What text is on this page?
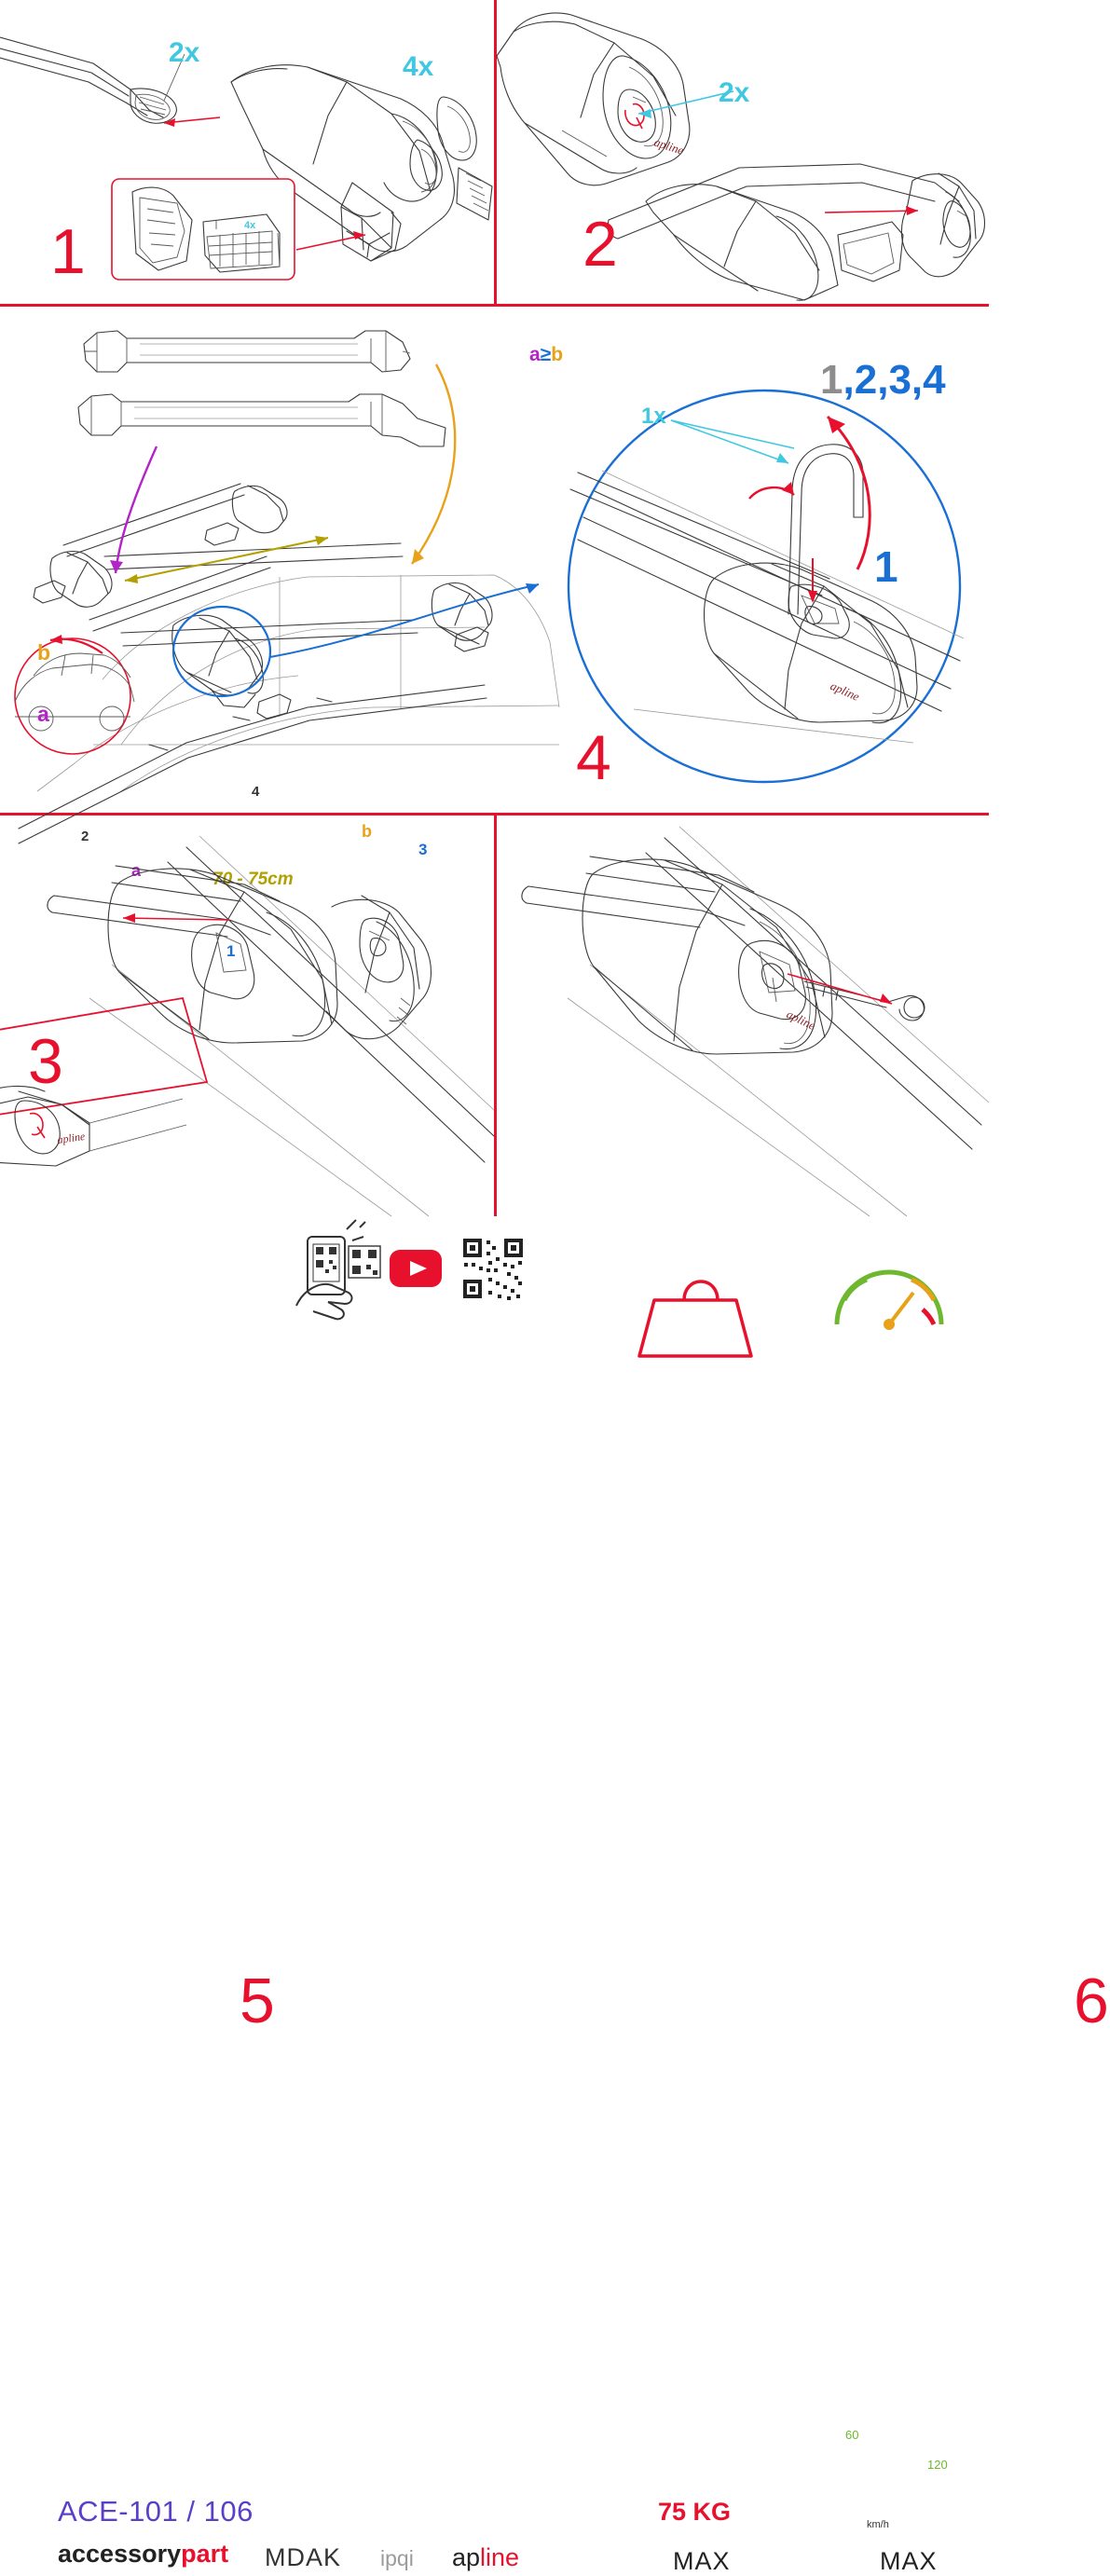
4x
2x	4x
1
apline
2x
2
b
a
a
b
70 - 75cm
1
2
3
4
3
apline
a≥b
1x
1,2,3,4
1
4
apline
5
apline
6
ACE-101 / 106
accessorypart MDAK ipqi apline
75 KG
MAX	MAX
60
120
km/h
